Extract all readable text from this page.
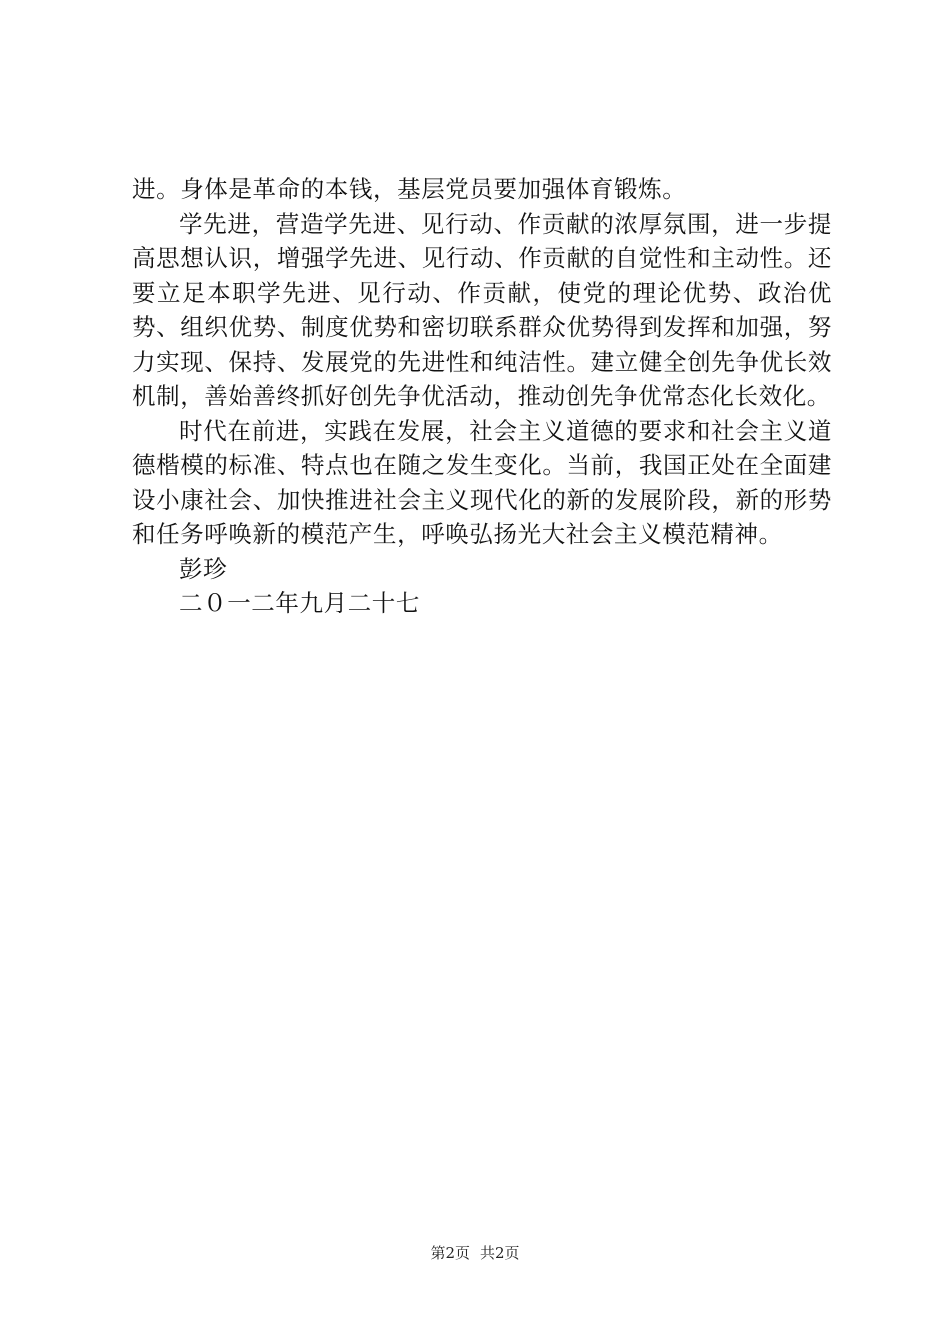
进。身体是革命的本钱，基层党员要加强体育锻炼。

学先进，营造学先进、见行动、作贡献的浓厚氛围，进一步提高思想认识，增强学先进、见行动、作贡献的自觉性和主动性。还要立足本职学先进、见行动、作贡献，使党的理论优势、政治优势、组织优势、制度优势和密切联系群众优势得到发挥和加强，努力实现、保持、发展党的先进性和纯洁性。建立健全创先争优长效机制，善始善终抓好创先争优活动，推动创先争优常态化长效化。

时代在前进，实践在发展，社会主义道德的要求和社会主义道德楷模的标准、特点也在随之发生变化。当前，我国正处在全面建设小康社会、加快推进社会主义现代化的新的发展阶段，新的形势和任务呼唤新的模范产生，呼唤弘扬光大社会主义模范精神。

彭珍

二０一二年九月二十七

第2页 共2页
